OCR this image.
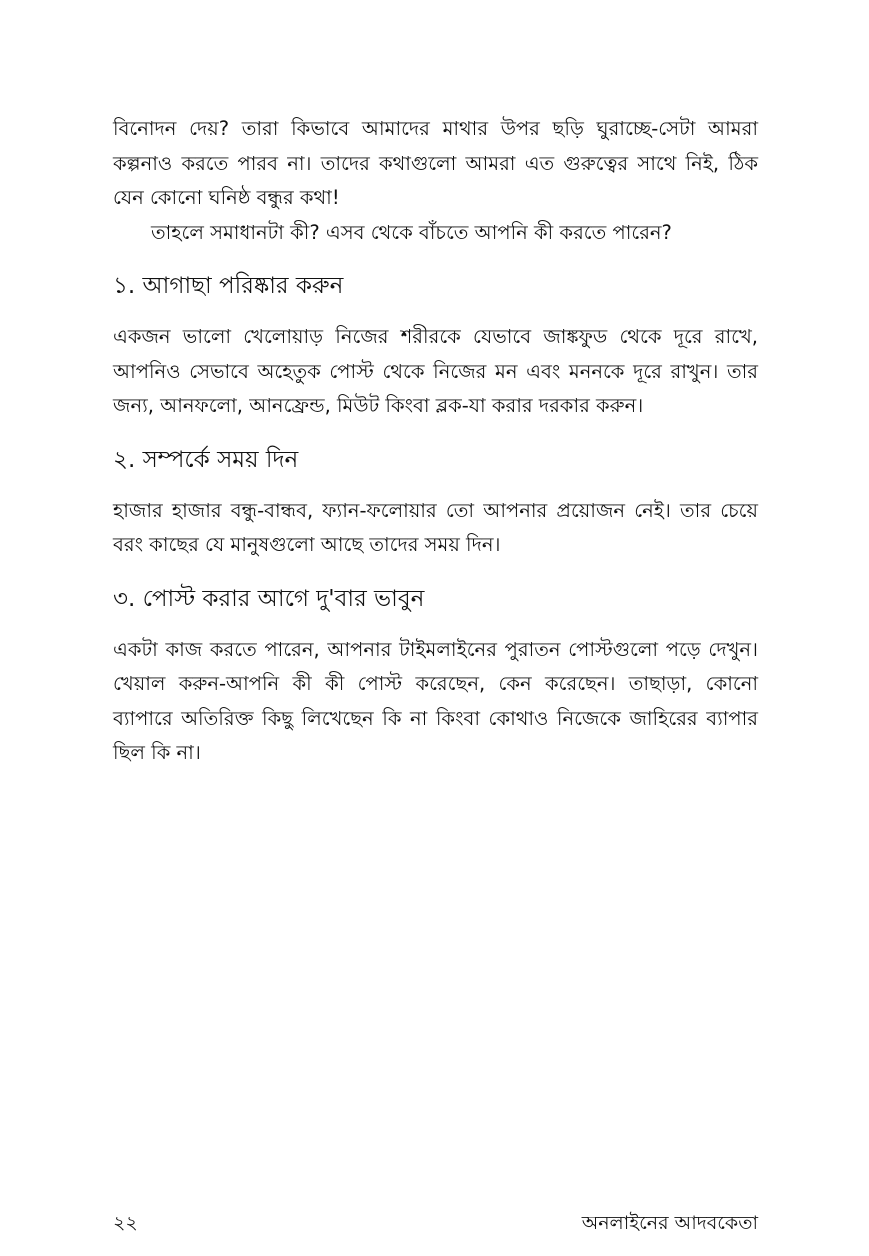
বিনোদন দেয়? তারা কিভাবে আমাদের মাথার উপর ছড়ি ঘুরাচ্ছে-সেটা আমরা কল্পনাও করতে পারব না। তাদের কথাগুলো আমরা এত গুরুত্বের সাথে নিই, ঠিক যেন কোনো ঘনিষ্ঠ বন্ধুর কথা!

তাহলে সমাধানটা কী? এসব থেকে বাঁচতে আপনি কী করতে পারেন?

১. আগাছা পরিষ্কার করুন

একজন ভালো খেলোয়াড় নিজের শরীরকে যেভাবে জাঙ্কফুড থেকে দূরে রাখে, আপনিও সেভাবে অহেতুক পোস্ট থেকে নিজের মন এবং মননকে দূরে রাখুন। তার জন্য, আনফলো, আনফ্রেন্ড, মিউট কিংবা ব্লক-যা করার দরকার করুন।

২. সম্পর্কে সময় দিন

হাজার হাজার বন্ধু-বান্ধব, ফ্যান-ফলোয়ার তো আপনার প্রয়োজন নেই। তার চেয়ে বরং কাছের যে মানুষগুলো আছে তাদের সময় দিন।

৩. পোস্ট করার আগে দু'বার ভাবুন

একটা কাজ করতে পারেন, আপনার টাইমলাইনের পুরাতন পোস্টগুলো পড়ে দেখুন। খেয়াল করুন-আপনি কী কী পোস্ট করেছেন, কেন করেছেন। তাছাড়া, কোনো ব্যাপারে অতিরিক্ত কিছু লিখেছেন কি না কিংবা কোথাও নিজেকে জাহিরের ব্যাপার ছিল কি না।

২২	অনলাইনের আদবকেতা
